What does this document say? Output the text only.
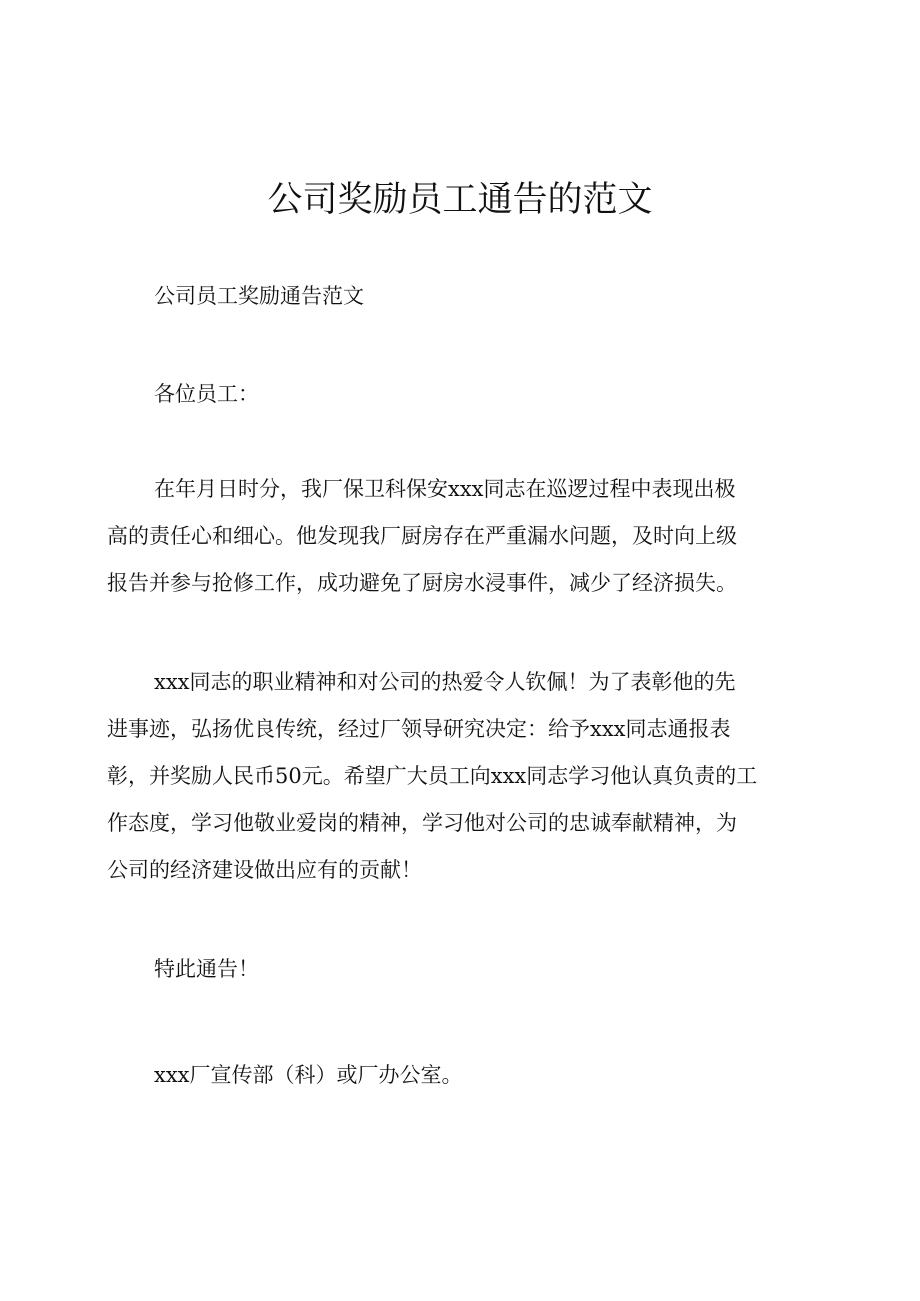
公司奖励员工通告的范文

公司员工奖励通告范文

各位员工：

在年月日时分，我厂保卫科保安xxx同志在巡逻过程中表现出极
高的责任心和细心。他发现我厂厨房存在严重漏水问题，及时向上级
报告并参与抢修工作，成功避免了厨房水浸事件，减少了经济损失。

xxx同志的职业精神和对公司的热爱令人钦佩！为了表彰他的先
进事迹，弘扬优良传统，经过厂领导研究决定：给予xxx同志通报表
彰，并奖励人民币50元。希望广大员工向xxx同志学习他认真负责的工
作态度，学习他敬业爱岗的精神，学习他对公司的忠诚奉献精神，为
公司的经济建设做出应有的贡献！

特此通告！

xxx厂宣传部（科）或厂办公室。
